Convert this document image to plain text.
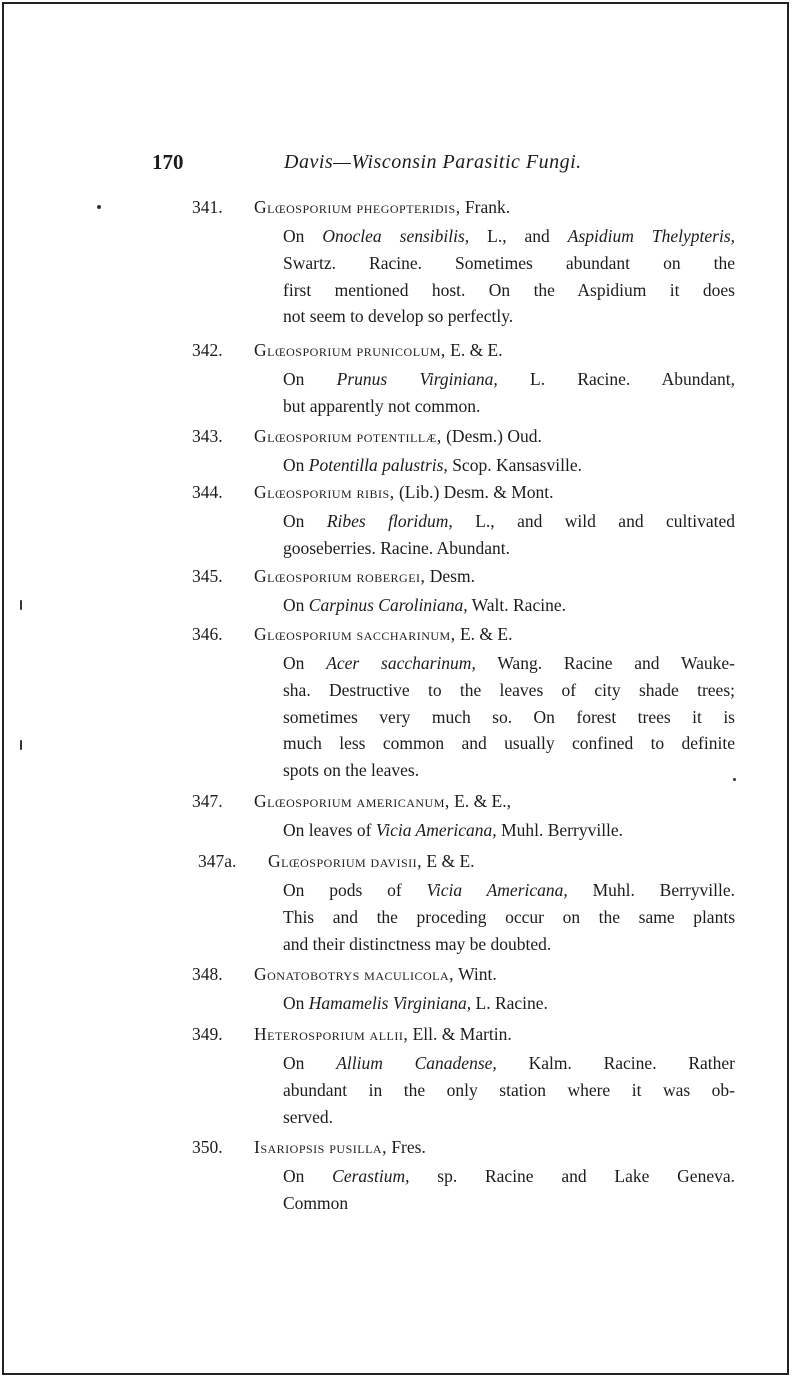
170	Davis—Wisconsin Parasitic Fungi.
341. Glœosporium phegopteridis, Frank.
On Onoclea sensibilis, L., and Aspidium Thelypteris,
Swartz. Racine. Sometimes abundant on the
first mentioned host. On the Aspidium it does
not seem to develop so perfectly.
342. Glœosporium prunicolum, E. & E.
On Prunus Virginiana, L. Racine. Abundant,
but apparently not common.
343. Glœosporium potentillæ, (Desm.) Oud.
On Potentilla palustris, Scop. Kansasville.
344. Glœosporium ribis, (Lib.) Desm. & Mont.
On Ribes floridum, L., and wild and cultivated
gooseberries. Racine. Abundant.
345. Glœosporium robergei, Desm.
On Carpinus Caroliniana, Walt. Racine.
346. Glœosporium saccharinum, E. & E.
On Acer saccharinum, Wang. Racine and Wauke-
sha. Destructive to the leaves of city shade trees;
sometimes very much so. On forest trees it is
much less common and usually confined to definite
spots on the leaves.
347. Glœosporium americanum, E. & E.,
On leaves of Vicia Americana, Muhl. Berryville.
347a. Glœosporium davisii, E & E.
On pods of Vicia Americana, Muhl. Berryville.
This and the proceding occur on the same plants
and their distinctness may be doubted.
348. Gonatobotrys maculicola, Wint.
On Hamamelis Virginiana, L. Racine.
349. Heterosporium allii, Ell. & Martin.
On Allium Canadense, Kalm. Racine. Rather
abundant in the only station where it was ob-
served.
350. Isariopsis pusilla, Fres.
On Cerastium, sp. Racine and Lake Geneva.
Common
